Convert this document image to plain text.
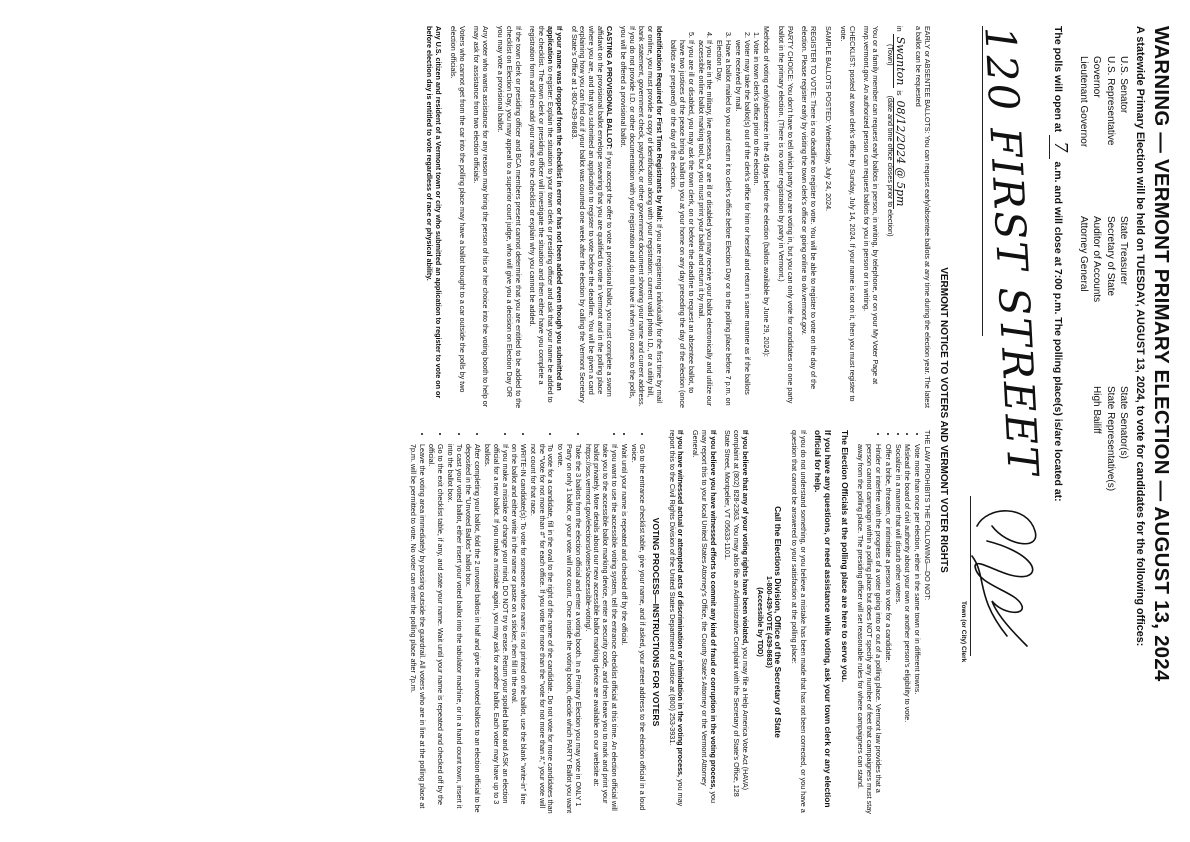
WARNING — VERMONT PRIMARY ELECTION — AUGUST 13, 2024
A statewide Primary Election will be held on TUESDAY, AUGUST 13, 2024, to vote for candidates for the following offices:
U.S. Senator
State Treasurer
State Senator(s)
U.S. Representative
Secretary of State
State Representative(s)
Governor
Auditor of Accounts
High Bailiff
Lieutenant Governor
Attorney General
The polls will open at 7 a.m. and will close at 7:00 p.m. The polling place(s) is/are located at:
120 FIRST STREET
Town (or City) Clerk
VERMONT NOTICE TO VOTERS AND VERMONT VOTER RIGHTS

EARLY or ABSENTEE BALLOTS: You can request early/absentee ballots at any time during the election year. The latest a ballot can be requested

in Swanton is 08/12/2024 @ 5pm
(Town) (date and time office closes prior to election)

You or a family member can request early ballots in person, in writing, by telephone, or on your My Voter Page at mvp.vermont.gov. An authorized person can request ballots for you in person or in writing.

CHECKLIST: posted at town clerk's office by Sunday, July 14, 2024. If your name is not on it, then you must register to vote.

SAMPLE BALLOTS POSTED: Wednesday, July 24, 2024.

REGISTER TO VOTE: There is no deadline to register to vote. You will be able to register to vote on the day of the election. Please register early by visiting the town clerk's office or going online to olv.vermont.gov.

PARTY CHOICE: You don't have to tell which party you are voting in, but you can only vote for candidates on one party ballot in the primary election. (There is no voter registration by party in Vermont.)

Methods of voting early/absentee in the 45 days before the election (ballots available by June 29, 2024):

1. Vote in town clerk's office prior to the election.
2. Voter may take the ballot(s) out of the clerk's office for him or herself and return in same manner as if the ballots were received by mail.
3. Have a ballot mailed to you and return it to clerk's office before Election Day or to the polling place before 7 p.m. on Election Day.
4. If you are in the military, live overseas, or are ill or disabled you may receive your ballot electronically and utilize our accessible online ballot marking tool, but you must print your ballot and return it by mail.
5. If you are ill or disabled, you may ask the town clerk, on or before the deadline to request an absentee ballot, to have two justices of the peace bring a ballot to you at your home on any day preceding the day of the election (once ballots are prepared) or the day of the election.

Identification Required for First Time Registrants by Mail: If you are registering individually for the first time by mail or online, you must provide a copy of identification along with your registration: current valid photo I.D., or a utility bill, bank statement, government check, paycheck, or other government document showing your name and current address. If you do not provide I.D. or other documentation with your registration and do not have it when you come to the polls, you will be offered a provisional ballot.

CASTING A PROVISIONAL BALLOT: If you accept the offer to vote a provisional ballot, you must complete a sworn affidavit on the provisional ballot envelope swearing that you are qualified to vote in Vermont and in the polling place where you are, and that you submitted an application to register to vote before the deadline. You will be given a card explaining how you can find out if your ballot was counted one week after the election by calling the Vermont Secretary of State's Office at 1-800-439-8683.

If your name was dropped from the checklist in error or has not been added even though you submitted an application to register: Explain the situation to your town clerk or presiding officer and ask that your name be added to the checklist. The town clerk or presiding officer will investigate the situation and then either have you complete a registration form and then add your name to the checklist or explain why you cannot be added.

If the town clerk or presiding officer and BCA members present cannot determine that you are entitled to be added to the checklist on Election Day, you may appeal to a superior court judge, who will give you a decision on Election Day OR you may vote a provisional ballot.

Any voter who wants assistance for any reason may bring the person of his or her choice into the voting booth to help or may ask for assistance from two election officials.

Voters who cannot get from the car into the polling place may have a ballot brought to a car outside the polls by two election officials.

Any U.S. citizen and resident of a Vermont town or city who submitted an application to register to vote on or before election day is entitled to vote regardless of race or physical ability.

THE LAW PROHIBITS THE FOLLOWING—DO NOT:

• Vote more than once per election, either in the same town or in different towns.
• Mislead the board of civil authority about your own or another person's eligibility to vote.
• Socialize in a manner that will disturb other voters.
• Offer a bribe, threaten, or intimidate a person to vote for a candidate.
• Hinder or interfere with the progress of a voter going into or out of a polling place. Vermont law provides that a person cannot campaign within a polling place but does NOT specify any number of feet that campaigners must stay away from the polling place. The presiding officer will set reasonable rules for where campaigners can stand.

The Election Officials at the polling place are here to serve you.

If you have any questions, or need assistance while voting, ask your town clerk or any election official for help.

If you do not understand something, or you believe a mistake has been made that has not been corrected, or you have a question that cannot be answered to your satisfaction at the polling place:

Call the Elections Division, Office of the Secretary of State
1-800-439-VOTE (439-8683)
(Accessible by TDD)

If you believe that any of your voting rights have been violated, you may file a Help America Vote Act (HAVA) complaint at (802) 828-2363. You may also file an Administrative Complaint with the Secretary of State's Office, 128 State Street, Montpelier, VT 05633-1101.

If you believe you have witnessed efforts to commit any kind of fraud or corruption in the voting process, you may report this to your local United States Attorney's Office, the County State's Attorney or the Vermont Attorney General.

If you have witnessed actual or attempted acts of discrimination or intimidation in the voting process, you may report this to the Civil Rights Division of the United States Department of Justice at (800) 253-3931.

VOTING PROCESS—INSTRUCTIONS FOR VOTERS
• Go to the entrance checklist table, give your name, and if asked, your street address to the election official in a loud voice.
• Wait until your name is repeated and checked off by the official.
• If you want to use the accessible voting system, tell the entrance checklist official at this time. An election official will take you to the accessible ballot marking device, enter a security code, and then leave you to mark and print your ballot privately. More details about our new accessible ballot marking device are available on our website at: https://sos.vermont.gov/elections/voters/accessible-voting/.
• Take the 3 ballots from the election official and enter a voting booth. In a Primary Election you may vote in ONLY 1 Party on only 1 ballot, or your vote will not count. Once inside the voting booth, decide which PARTY Ballot you want to vote.
• To vote for a candidate, fill in the oval to the right of the name of the candidate. Do not vote for more candidates than the "Vote for not more than #" for each office. If you vote for more than the "vote for not more than #," your vote will not count for that race.
• WRITE-IN candidate(s): To vote for someone whose name is not printed on the ballot, use the blank "write-in" line on the ballot and either write in the name or paste on a sticker, then fill in the oval.
• If you make a mistake or change your mind, DO NOT try to erase. Return your spoiled ballot and ASK an election official for a new ballot. If you make a mistake again, you may ask for another ballot. Each voter may have up to 3 ballots.
• After completing your ballot, fold the 2 unvoted ballots in half and give the unvoted ballots to an election official to be deposited in the "Unvoted Ballots" ballot box.
• To cast your voted ballot, either insert your voted ballot into the tabulator machine, or in a hand count town, insert it into the ballot box.
• Go to the exit checklist table, if any, and state your name. Wait until your name is repeated and checked off by the official.
• Leave the voting area immediately by passing outside the guardrail. All voters who are in line at the polling place at 7p.m. will be permitted to vote. No voter can enter the polling place after 7p.m.
